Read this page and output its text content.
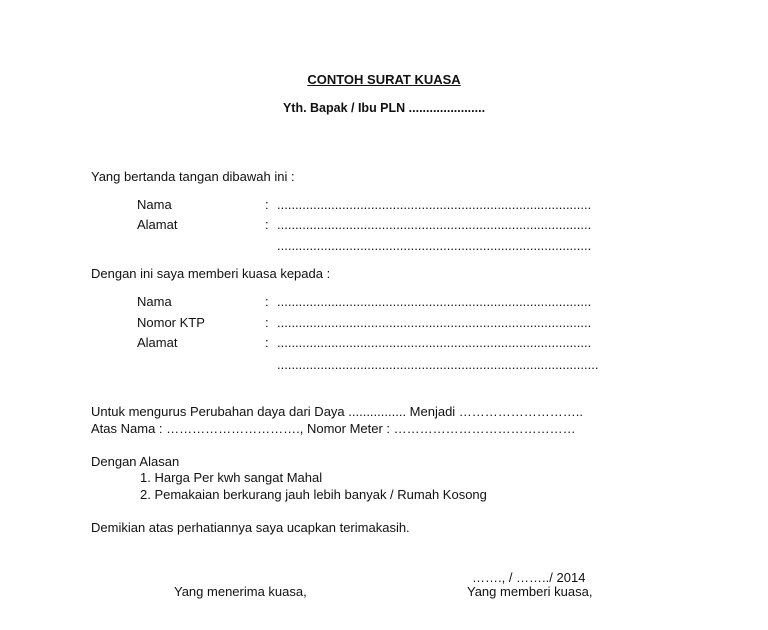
CONTOH SURAT KUASA
Yth. Bapak / Ibu PLN ......................
Yang bertanda tangan dibawah ini :
Nama	: .......................................................................................
Alamat	: .......................................................................................
.......................................................................................
Dengan ini saya memberi kuasa kepada :
Nama	: .......................................................................................
Nomor KTP	: .......................................................................................
Alamat	: .......................................................................................
.........................................................................................
Untuk mengurus Perubahan daya dari Daya ................ Menjadi ………………………..
Atas Nama : …………………………., Nomor Meter : ……………………………………
Dengan Alasan
1. Harga Per kwh sangat Mahal
2. Pemakaian berkurang jauh lebih banyak / Rumah Kosong
Demikian atas perhatiannya saya ucapkan terimakasih.
……., / ……../ 2014
Yang menerima kuasa,	Yang memberi kuasa,
